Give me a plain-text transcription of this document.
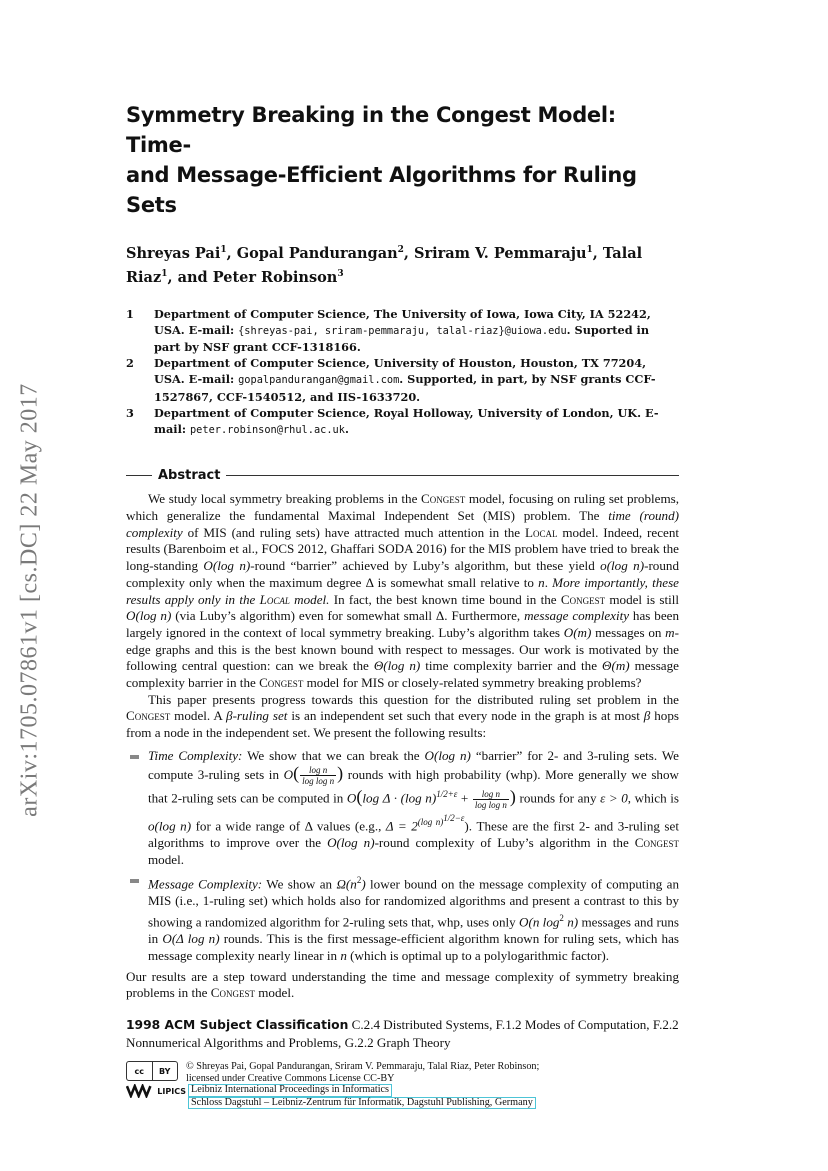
arXiv:1705.07861v1 [cs.DC] 22 May 2017
Symmetry Breaking in the Congest Model: Time-
and Message-Efficient Algorithms for Ruling Sets
Shreyas Pai$^1$, Gopal Pandurangan$^2$, Sriram V. Pemmaraju$^1$, Talal Riaz$^1$, and Peter Robinson$^3$
1	Department of Computer Science, The University of Iowa, Iowa City, IA 52242, USA. E-mail: {shreyas-pai, sriram-pemmaraju, talal-riaz}@uiowa.edu. Suported in part by NSF grant CCF-1318166.
2	Department of Computer Science, University of Houston, Houston, TX 77204, USA. E-mail: gopalpandurangan@gmail.com. Supported, in part, by NSF grants CCF-1527867, CCF-1540512, and IIS-1633720.
3	Department of Computer Science, Royal Holloway, University of London, UK. E-mail: peter.robinson@rhul.ac.uk.
Abstract

We study local symmetry breaking problems in the Congest model, focusing on ruling set problems, which generalize the fundamental Maximal Independent Set (MIS) problem. The time (round) complexity of MIS (and ruling sets) have attracted much attention in the Local model. Indeed, recent results (Barenboim et al., FOCS 2012, Ghaffari SODA 2016) for the MIS problem have tried to break the long-standing O(log n)-round “barrier” achieved by Luby’s algorithm, but these yield o(log n)-round complexity only when the maximum degree Δ is somewhat small relative to n. More importantly, these results apply only in the Local model. In fact, the best known time bound in the Congest model is still O(log n) (via Luby’s algorithm) even for somewhat small Δ. Furthermore, message complexity has been largely ignored in the context of local symmetry breaking. Luby’s algorithm takes O(m) messages on m-edge graphs and this is the best known bound with respect to messages. Our work is motivated by the following central question: can we break the Θ(log n) time complexity barrier and the Θ(m) message complexity barrier in the Congest model for MIS or closely-related symmetry breaking problems?

This paper presents progress towards this question for the distributed ruling set problem in the Congest model. A β-ruling set is an independent set such that every node in the graph is at most β hops from a node in the independent set. We present the following results:

Time Complexity: We show that we can break the O(log n) “barrier” for 2- and 3-ruling sets. We compute 3-ruling sets in $O( \frac{\text{log n}}{\text{log log n}}$ ) rounds with high probability (whp). More generally we show that 2-ruling sets can be computed in O(log Δ · (log $n)^{1/2+\varepsilon} + \frac{\text{log n}}{\text{log log n}}$ ) rounds for any ε > 0, which is o(log n) for a wide range of Δ values (e.g., $\Delta = 2^{(log n)^{1/2-\varepsilon}}$). These are the first 2- and 3-ruling set algorithms to improve over the O(log n)-round complexity of Luby’s algorithm in the Congest model.
Message Complexity: We show an $\Omega(n^2)$ lower bound on the message complexity of computing an MIS (i.e., 1-ruling set) which holds also for randomized algorithms and present a contrast to this by showing a randomized algorithm for 2-ruling sets that, whp, uses only O(n $\log^2 n$) messages and runs in O(Δ log n) rounds. This is the first message-efficient algorithm known for ruling sets, which has message complexity nearly linear in n (which is optimal up to a polylogarithmic factor).
Our results are a step toward understanding the time and message complexity of symmetry breaking problems in the Congest model.
1998 ACM Subject Classification C.2.4 Distributed Systems, F.1.2 Modes of Computation, F.2.2 Nonnumerical Algorithms and Problems, G.2.2 Graph Theory
cc	BY	© Shreyas Pai, Gopal Pandurangan, Sriram V. Pemmaraju, Talal Riaz, Peter Robinson;
licensed under Creative Commons License CC-BY
LIPICS Leibniz International Proceedings in Informatics
Schloss Dagstuhl – Leibniz-Zentrum für Informatik, Dagstuhl Publishing, Germany
